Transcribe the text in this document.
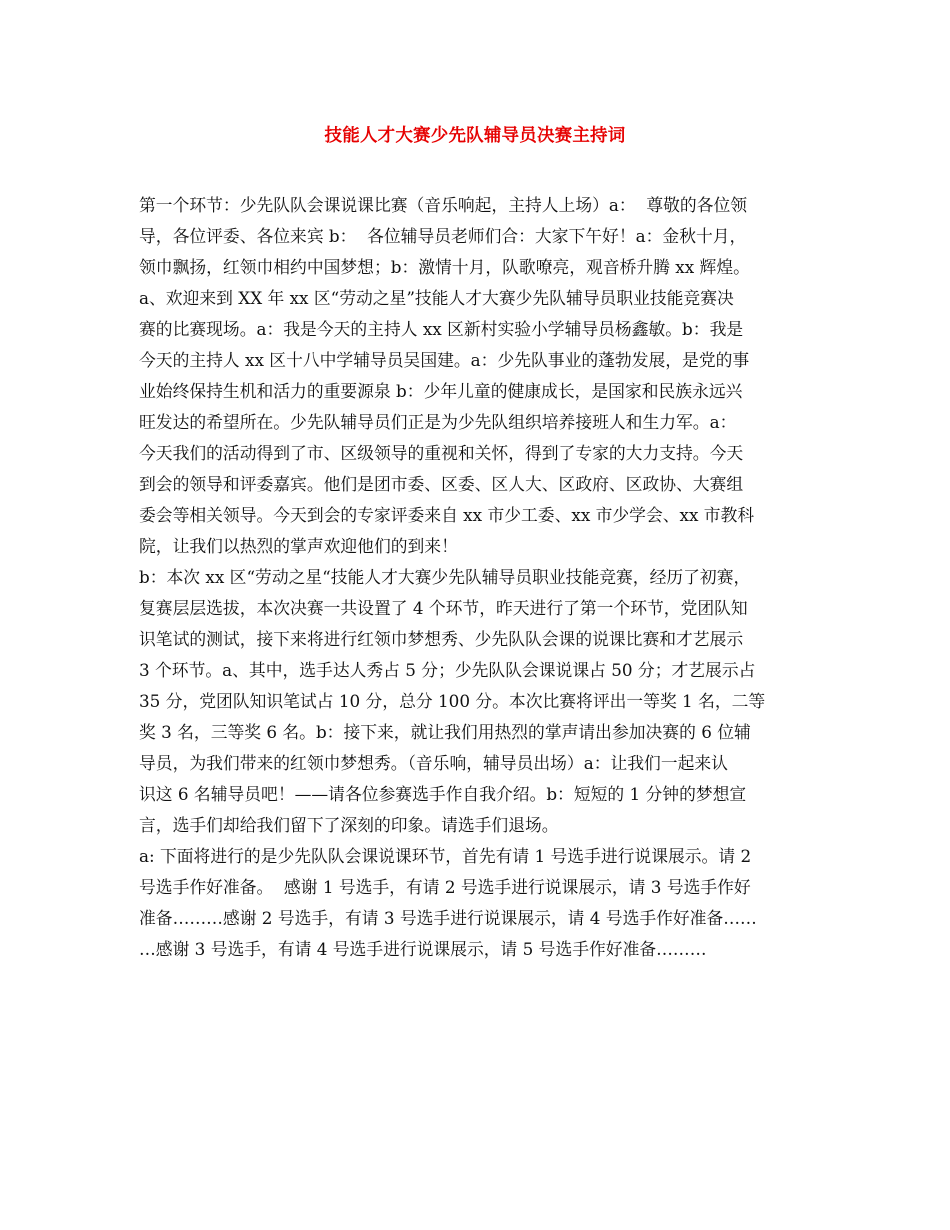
技能人才大赛少先队辅导员决赛主持词
第一个环节：少先队队会课说课比赛（音乐响起，主持人上场）a：  尊敬的各位领
导，各位评委、各位来宾 b：  各位辅导员老师们合：大家下午好！a：金秋十月，
领巾飘扬，红领巾相约中国梦想；b：激情十月，队歌嘹亮，观音桥升腾 xx 辉煌。
a、欢迎来到 XX 年 xx 区“劳动之星”技能人才大赛少先队辅导员职业技能竞赛决
赛的比赛现场。a：我是今天的主持人 xx 区新村实验小学辅导员杨鑫敏。b：我是
今天的主持人 xx 区十八中学辅导员吴国建。a：少先队事业的蓬勃发展，是党的事
业始终保持生机和活力的重要源泉 b：少年儿童的健康成长，是国家和民族永远兴
旺发达的希望所在。少先队辅导员们正是为少先队组织培养接班人和生力军。a：
今天我们的活动得到了市、区级领导的重视和关怀，得到了专家的大力支持。今天
到会的领导和评委嘉宾。他们是团市委、区委、区人大、区政府、区政协、大赛组
委会等相关领导。今天到会的专家评委来自 xx 市少工委、xx 市少学会、xx 市教科
院，让我们以热烈的掌声欢迎他们的到来！
b：本次 xx 区“劳动之星“技能人才大赛少先队辅导员职业技能竞赛，经历了初赛，
复赛层层选拔，本次决赛一共设置了 4 个环节，昨天进行了第一个环节，党团队知
识笔试的测试，接下来将进行红领巾梦想秀、少先队队会课的说课比赛和才艺展示
3 个环节。a、其中，选手达人秀占 5 分；少先队队会课说课占 50 分；才艺展示占
35 分，党团队知识笔试占 10 分，总分 100 分。本次比赛将评出一等奖 1 名，二等
奖 3 名，三等奖 6 名。b：接下来，就让我们用热烈的掌声请出参加决赛的 6 位辅
导员，为我们带来的红领巾梦想秀。（音乐响，辅导员出场）a：让我们一起来认
识这 6 名辅导员吧！——请各位参赛选手作自我介绍。b：短短的 1 分钟的梦想宣
言，选手们却给我们留下了深刻的印象。请选手们退场。
a: 下面将进行的是少先队队会课说课环节，首先有请 1 号选手进行说课展示。请 2
号选手作好准备。  感谢 1 号选手，有请 2 号选手进行说课展示，请 3 号选手作好
准备………感谢 2 号选手，有请 3 号选手进行说课展示，请 4 号选手作好准备……
…感谢 3 号选手，有请 4 号选手进行说课展示，请 5 号选手作好准备………
